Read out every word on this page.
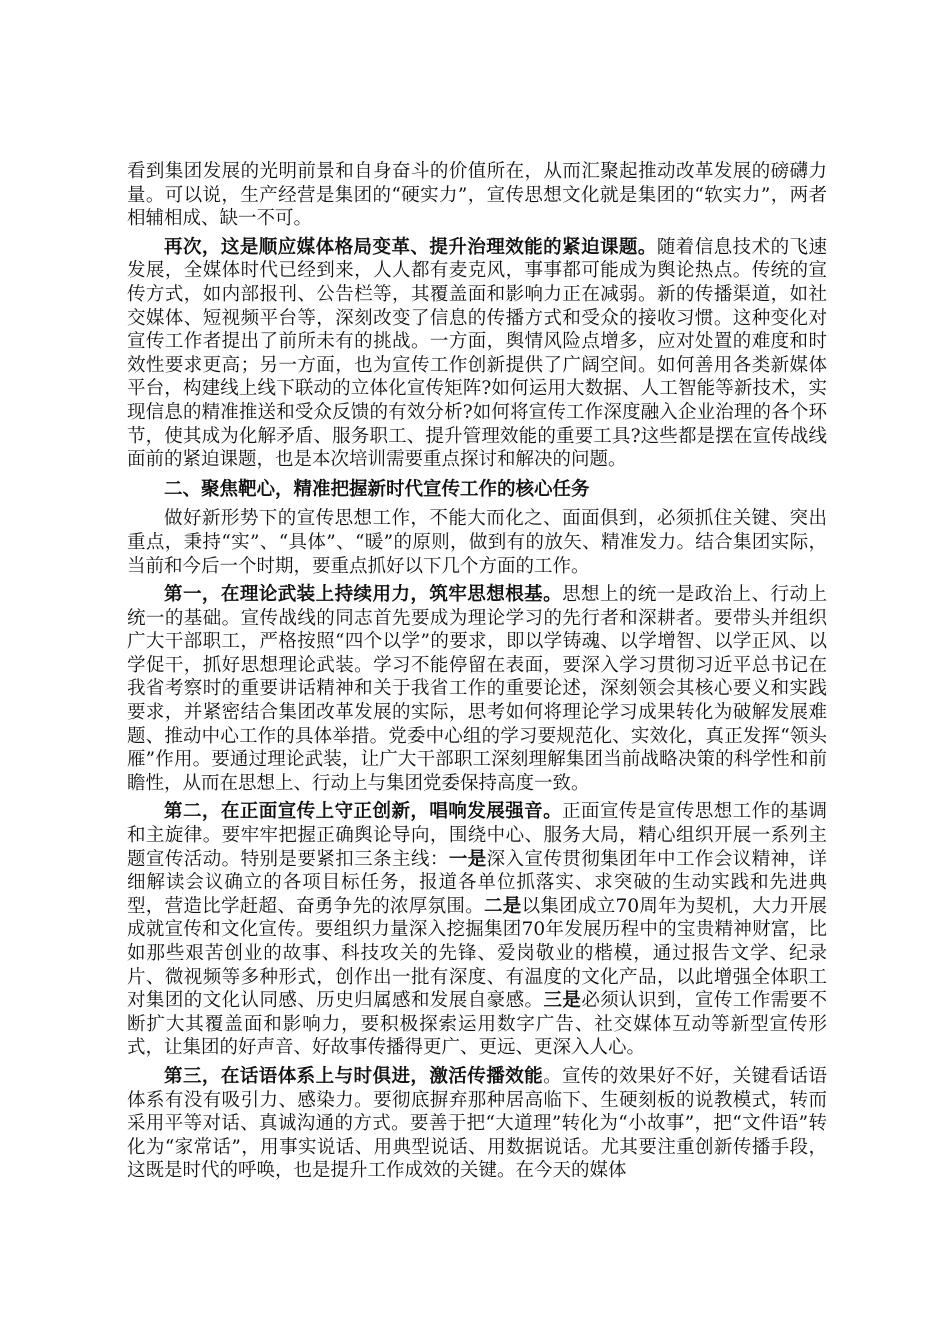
看到集团发展的光明前景和自身奋斗的价值所在，从而汇聚起推动改革发展的磅礴力量。可以说，生产经营是集团的“硬实力”，宣传思想文化就是集团的“软实力”，两者相辅相成、缺一不可。

再次，这是顺应媒体格局变革、提升治理效能的紧迫课题。随着信息技术的飞速发展，全媒体时代已经到来，人人都有麦克风，事事都可能成为舆论热点。传统的宣传方式，如内部报刊、公告栏等，其覆盖面和影响力正在减弱。新的传播渠道，如社交媒体、短视频平台等，深刻改变了信息的传播方式和受众的接收习惯。这种变化对宣传工作者提出了前所未有的挑战。一方面，舆情风险点增多，应对处置的难度和时效性要求更高；另一方面，也为宣传工作创新提供了广阔空间。如何善用各类新媒体平台，构建线上线下联动的立体化宣传矩阵?如何运用大数据、人工智能等新技术，实现信息的精准推送和受众反馈的有效分析?如何将宣传工作深度融入企业治理的各个环节，使其成为化解矛盾、服务职工、提升管理效能的重要工具?这些都是摆在宣传战线面前的紧迫课题，也是本次培训需要重点探讨和解决的问题。

二、聚焦靶心，精准把握新时代宣传工作的核心任务

做好新形势下的宣传思想工作，不能大而化之、面面俱到，必须抓住关键、突出重点，秉持“实”、“具体”、“暖”的原则，做到有的放矢、精准发力。结合集团实际，当前和今后一个时期，要重点抓好以下几个方面的工作。

第一，在理论武装上持续用力，筑牢思想根基。思想上的统一是政治上、行动上统一的基础。宣传战线的同志首先要成为理论学习的先行者和深耕者。要带头并组织广大干部职工，严格按照“四个以学”的要求，即以学铸魂、以学增智、以学正风、以学促干，抓好思想理论武装。学习不能停留在表面，要深入学习贯彻习近平总书记在我省考察时的重要讲话精神和关于我省工作的重要论述，深刻领会其核心要义和实践要求，并紧密结合集团改革发展的实际，思考如何将理论学习成果转化为破解发展难题、推动中心工作的具体举措。党委中心组的学习要规范化、实效化，真正发挥“领头雁”作用。要通过理论武装，让广大干部职工深刻理解集团当前战略决策的科学性和前瞻性，从而在思想上、行动上与集团党委保持高度一致。

第二，在正面宣传上守正创新，唱响发展强音。正面宣传是宣传思想工作的基调和主旋律。要牢牢把握正确舆论导向，围绕中心、服务大局，精心组织开展一系列主题宣传活动。特别是要紧扣三条主线：一是深入宣传贯彻集团年中工作会议精神，详细解读会议确立的各项目标任务，报道各单位抓落实、求突破的生动实践和先进典型，营造比学赶超、奋勇争先的浓厚氛围。二是以集团成立70周年为契机，大力开展成就宣传和文化宣传。要组织力量深入挖掘集团70年发展历程中的宝贵精神财富，比如那些艰苦创业的故事、科技攻关的先锋、爱岗敬业的楷模，通过报告文学、纪录片、微视频等多种形式，创作出一批有深度、有温度的文化产品，以此增强全体职工对集团的文化认同感、历史归属感和发展自豪感。三是必须认识到，宣传工作需要不断扩大其覆盖面和影响力，要积极探索运用数字广告、社交媒体互动等新型宣传形式，让集团的好声音、好故事传播得更广、更远、更深入人心。

第三，在话语体系上与时俱进，激活传播效能。宣传的效果好不好，关键看话语体系有没有吸引力、感染力。要彻底摒弃那种居高临下、生硬刻板的说教模式，转而采用平等对话、真诚沟通的方式。要善于把“大道理”转化为“小故事”，把“文件语”转化为“家常话”，用事实说话、用典型说话、用数据说话。尤其要注重创新传播手段，这既是时代的呼唤，也是提升工作成效的关键。在今天的媒体
